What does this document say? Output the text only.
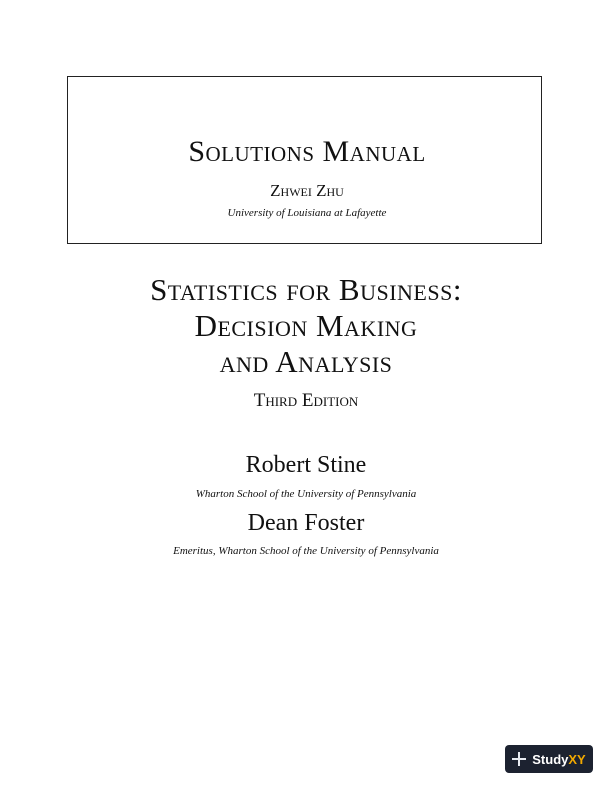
Solutions Manual
Zhwei Zhu
University of Louisiana at Lafayette
Statistics for Business:
Decision Making
and Analysis
Third Edition
Robert Stine
Wharton School of the University of Pennsylvania
Dean Foster
Emeritus, Wharton School of the University of Pennsylvania
StudyXY
